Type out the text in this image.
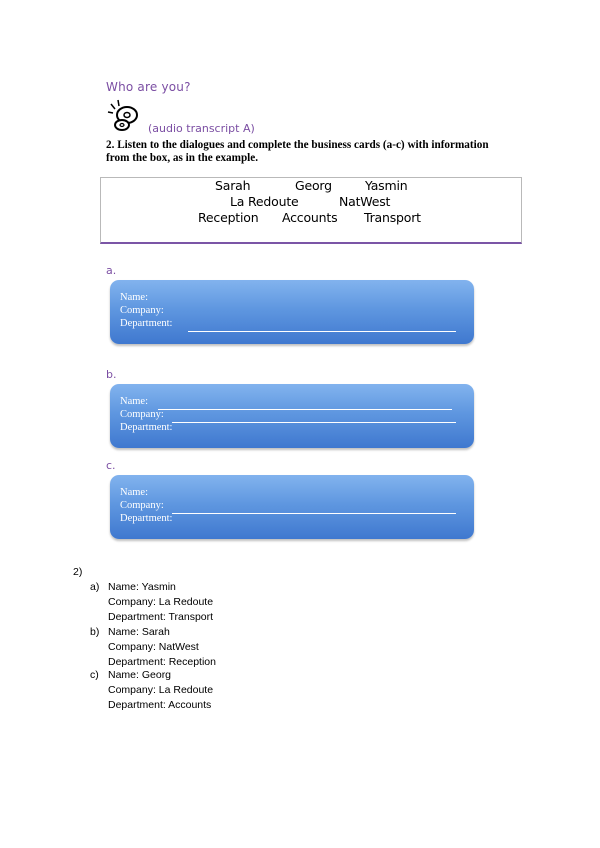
Who are you?
(audio transcript A)
2. Listen to the dialogues and complete the business cards (a-c) with information
from the box, as in the example.
Sarah	Georg	Yasmin
La Redoute	NatWest
Reception Accounts Transport
a.
Name:
Company:
Department:
b.
Name:
Company:
Department:
c.
Name:
Company:
Department:
2)
a) Name: Yasmin
Company: La Redoute
Department: Transport
b) Name: Sarah
Company: NatWest
Department: Reception
c) Name: Georg
Company: La Redoute
Department: Accounts
